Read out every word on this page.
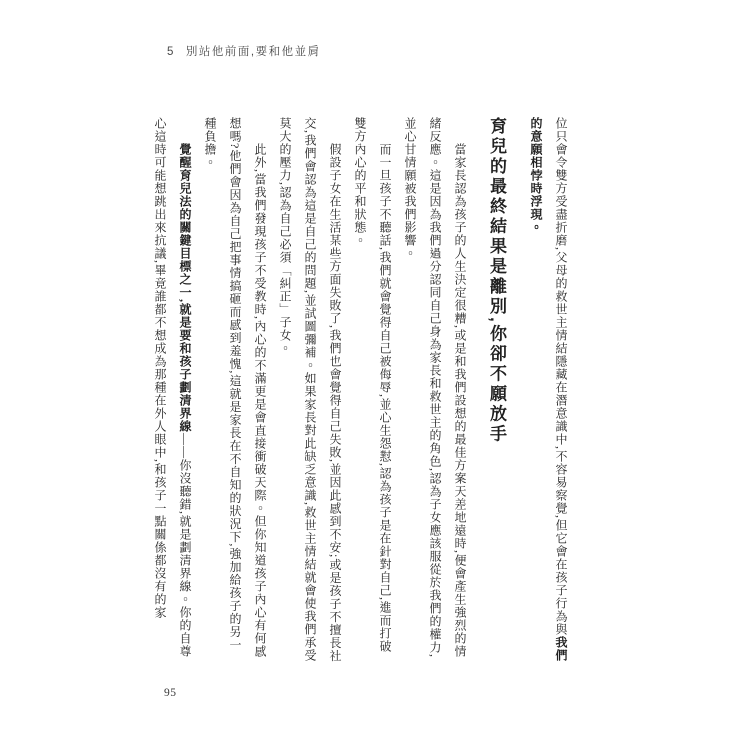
5 別站他前面,要和他並肩

位只會令雙方受盡折磨,父母的救世主情結隱藏在潛意識中,不容易察覺,但它會在孩子行為與我們的意願相悖時浮現。

育兒的最終結果是離別,你卻不願放手

當家長認為孩子的人生決定很糟,或是和我們設想的最佳方案天差地遠時,便會產生強烈的情緒反應。這是因為我們過分認同自己身為家長和救世主的角色,認為子女應該服從於我們的權力,並心甘情願被我們影響。

而一旦孩子不聽話,我們就會覺得自己被侮辱,並心生怨懟,認為孩子是在針對自己,進而打破雙方內心的平和狀態。

假設子女在生活某些方面失敗了,我們也會覺得自己失敗,並因此感到不安;或是孩子不擅長社交,我們會認為這是自己的問題,並試圖彌補。如果家長對此缺乏意識,救世主情結就會使我們承受莫大的壓力,認為自己必須「糾正」子女。

此外,當我們發現孩子不受教時,內心的不滿更是會直接衝破天際。但你知道孩子內心有何感想嗎?他們會因為自己把事情搞砸而感到羞愧,這就是家長在不自知的狀況下,強加給孩子的另一種負擔。

覺醒育兒法的關鍵目標之一,就是要和孩子劃清界線——你沒聽錯,就是劃清界線。你的自尊心這時可能想跳出來抗議,畢竟誰都不想成為那種在外人眼中,和孩子一點關係都沒有的家

95
